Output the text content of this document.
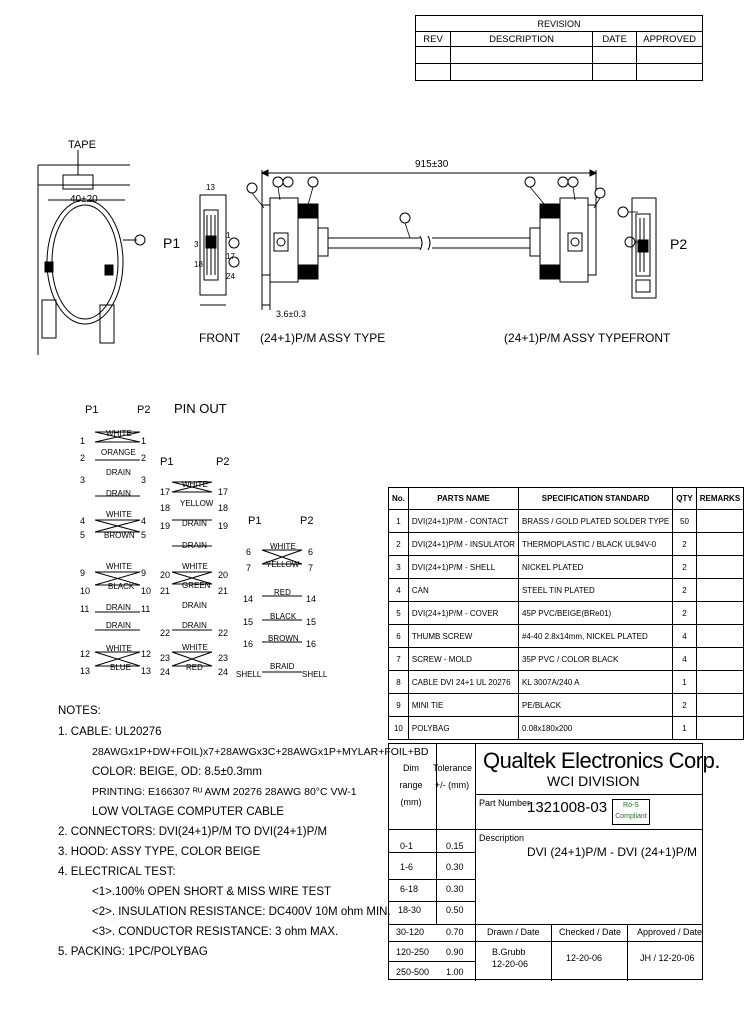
REVISION			
REV	DESCRIPTION	DATE	APPROVED

TAPE
40±20
915±30
3.6±0.3
P1	P2
13
1
3
17
18
24
FRONT	FRONT
(24+1)P/M ASSY TYPE	(24+1)P/M ASSY TYPE
P1	P2 PIN OUT
1	1
WHITE
2	2
ORANGE
3	3
DRAIN
DRAIN
4	4
WHITE
5	5
BROWN
9	9
WHITE
10	10
BLACK
11	11
DRAIN
DRAIN
12	12
WHITE
13	13
BLUE
P1	P2
17	17
WHITE
18	18
YELLOW
19	19
DRAIN
DRAIN
20	20
WHITE
21	21
GREEN
22	22
DRAIN
23	23
WHITE
24	24
RED
DRAIN
P1	P2
6	6
WHITE
7	7
YELLOW
14	14
RED
15	15
BLACK
16	16
BROWN
SHELL	SHELL
BRAID
No.	PARTS NAME	SPECIFICATION STANDARD	QTY	REMARKS
1	DVI(24+1)P/M - CONTACT	BRASS / GOLD PLATED SOLDER TYPE	50	
2	DVI(24+1)P/M - INSULATOR	THERMOPLASTIC / BLACK UL94V-0	2	
3	DVI(24+1)P/M - SHELL	NICKEL PLATED	2	
4	CAN	STEEL TIN PLATED	2	
5	DVI(24+1)P/M - COVER	45P PVC/BEIGE(BRe01)	2	
6	THUMB SCREW	#4-40 2.8x14mm, NICKEL PLATED	4	
7	SCREW - MOLD	35P PVC / COLOR BLACK	4	
8	CABLE DVI 24+1 UL 20276	KL 3007A/240 A	1	
9	MINI TIE	PE/BLACK	2	
10	POLYBAG	0.08x180x200	1	
Qualtek Electronics Corp.
WCI DIVISION
Dim range (mm)
Tolerance +/- (mm)
Part Number
1321008-03	Ro-S
Compliant
Description
DVI (24+1)P/M - DVI (24+1)P/M
0-1	0.15
1-6	0.30
6-18	0.30
18-30	0.50
30-120 0.70
120-250 0.90
250-500 1.00
Drawn / Date Checked / Date Approved / Date
B.Grubb
12-20-06
12-20-06	JH / 12-20-06
NOTES:
1. CABLE: UL20276
28AWGx1P+DW+FOIL)x7+28AWGx3C+28AWGx1P+MYLAR+FOIL+BD
COLOR: BEIGE, OD: 8.5±0.3mm
PRINTING: E166307 ᴿᵁ AWM 20276 28AWG 80°C VW-1
LOW VOLTAGE COMPUTER CABLE
2. CONNECTORS: DVI(24+1)P/M TO DVI(24+1)P/M
3. HOOD: ASSY TYPE, COLOR BEIGE
4. ELECTRICAL TEST:
<1>.100% OPEN SHORT & MISS WIRE TEST
<2>. INSULATION RESISTANCE: DC400V 10M ohm MIN.
<3>. CONDUCTOR RESISTANCE: 3 ohm MAX.
5. PACKING: 1PC/POLYBAG
